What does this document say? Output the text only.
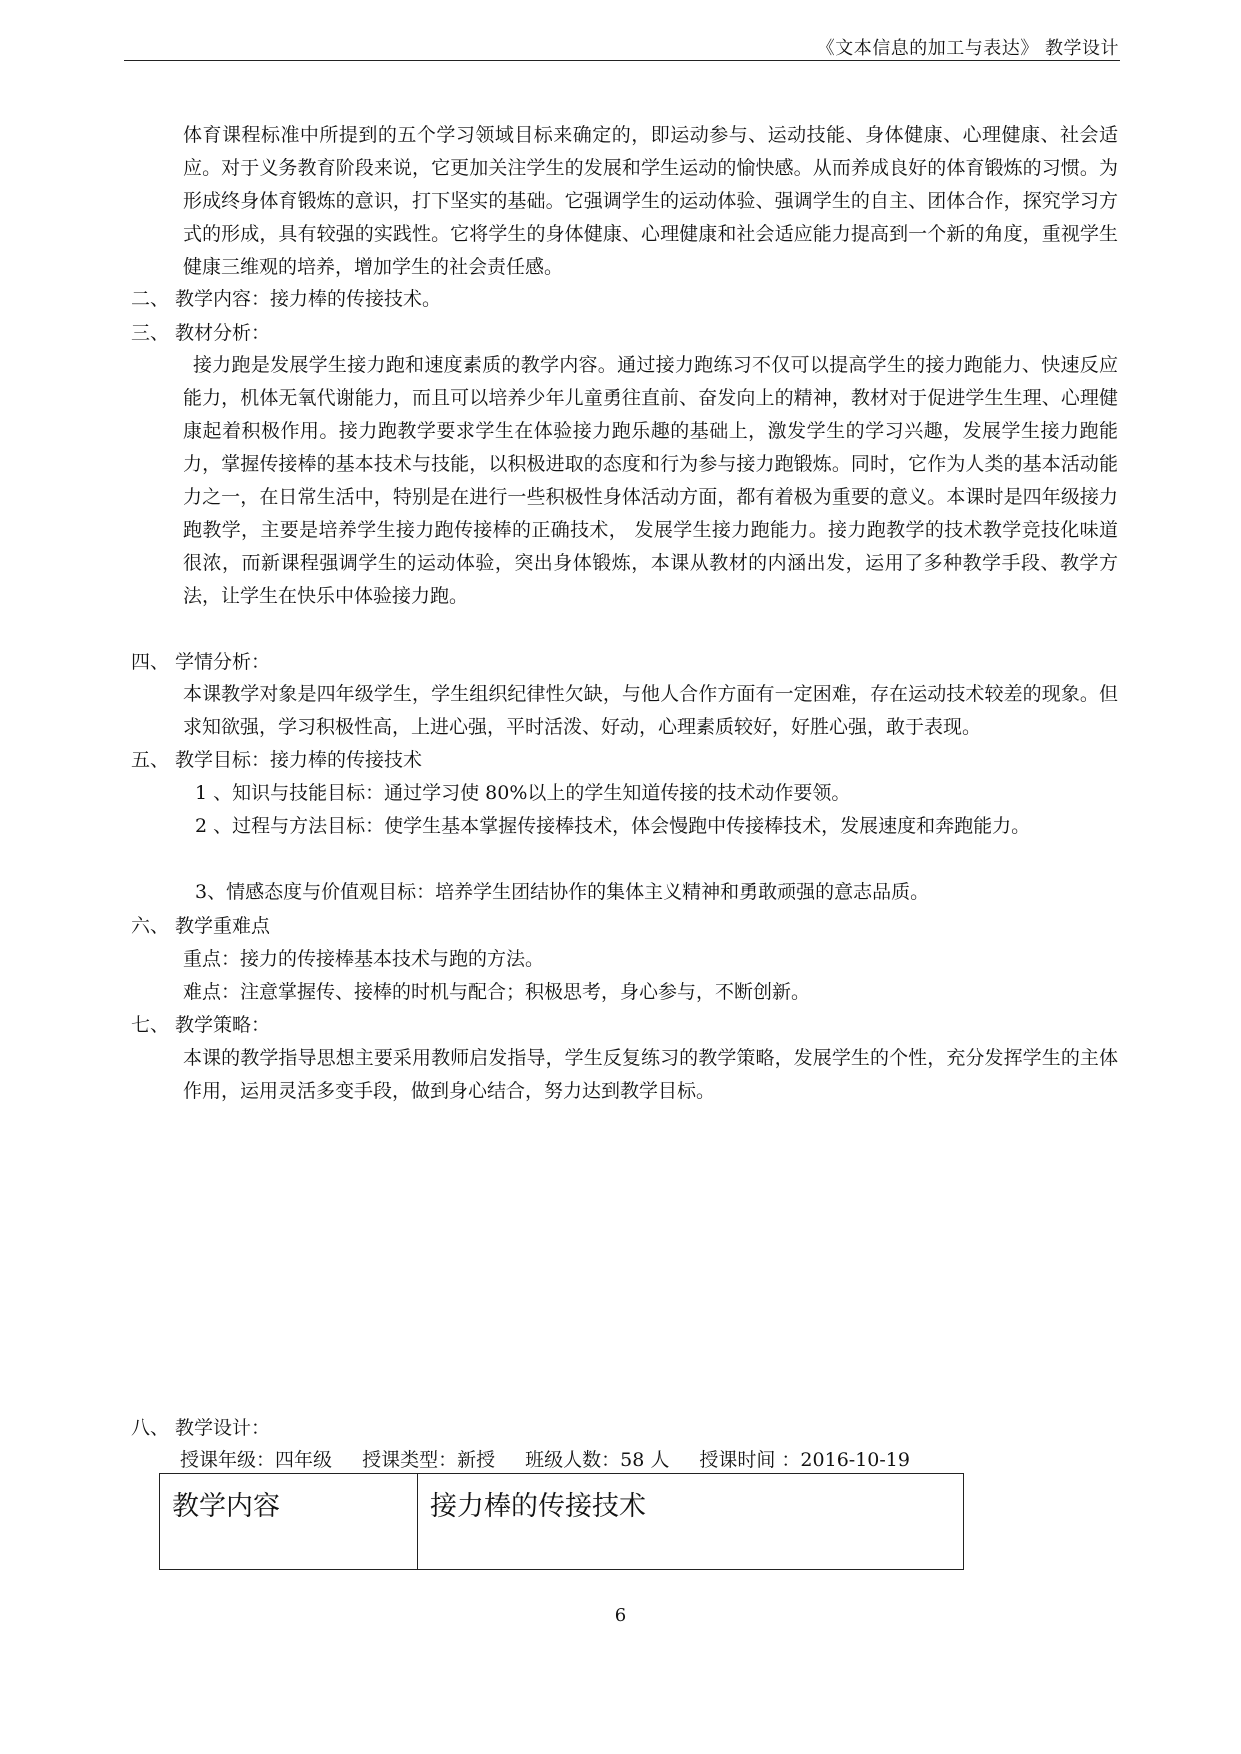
《文本信息的加工与表达》 教学设计

体育课程标准中所提到的五个学习领域目标来确定的，即运动参与、运动技能、身体健康、心理健康、社会适应。对于义务教育阶段来说，它更加关注学生的发展和学生运动的愉快感。从而养成良好的体育锻炼的习惯。为形成终身体育锻炼的意识，打下坚实的基础。它强调学生的运动体验、强调学生的自主、团体合作，探究学习方式的形成，具有较强的实践性。它将学生的身体健康、心理健康和社会适应能力提高到一个新的角度，重视学生健康三维观的培养，增加学生的社会责任感。

二、 教学内容：接力棒的传接技术。

三、 教材分析：

接力跑是发展学生接力跑和速度素质的教学内容。通过接力跑练习不仅可以提高学生的接力跑能力、快速反应能力，机体无氧代谢能力，而且可以培养少年儿童勇往直前、奋发向上的精神，教材对于促进学生生理、心理健康起着积极作用。接力跑教学要求学生在体验接力跑乐趣的基础上，激发学生的学习兴趣，发展学生接力跑能力，掌握传接棒的基本技术与技能，以积极进取的态度和行为参与接力跑锻炼。同时，它作为人类的基本活动能力之一，在日常生活中，特别是在进行一些积极性身体活动方面，都有着极为重要的意义。本课时是四年级接力跑教学，主要是培养学生接力跑传接棒的正确技术， 发展学生接力跑能力。接力跑教学的技术教学竞技化味道很浓，而新课程强调学生的运动体验，突出身体锻炼，本课从教材的内涵出发，运用了多种教学手段、教学方法，让学生在快乐中体验接力跑。

四、 学情分析：

本课教学对象是四年级学生，学生组织纪律性欠缺，与他人合作方面有一定困难，存在运动技术较差的现象。但求知欲强，学习积极性高，上进心强，平时活泼、好动，心理素质较好，好胜心强，敢于表现。

五、 教学目标：接力棒的传接技术

1 、知识与技能目标：通过学习使 80%以上的学生知道传接的技术动作要领。

2 、过程与方法目标：使学生基本掌握传接棒技术，体会慢跑中传接棒技术，发展速度和奔跑能力。

3、情感态度与价值观目标：培养学生团结协作的集体主义精神和勇敢顽强的意志品质。

六、 教学重难点

重点：接力的传接棒基本技术与跑的方法。

难点：注意掌握传、接棒的时机与配合；积极思考，身心参与，不断创新。

七、 教学策略：

本课的教学指导思想主要采用教师启发指导，学生反复练习的教学策略，发展学生的个性，充分发挥学生的主体作用，运用灵活多变手段，做到身心结合，努力达到教学目标。

八、 教学设计：

授课年级：四年级 授课类型：新授 班级人数：58 人 授课时间 ：2016-10-19
教学内容	接力棒的传接技术
6
